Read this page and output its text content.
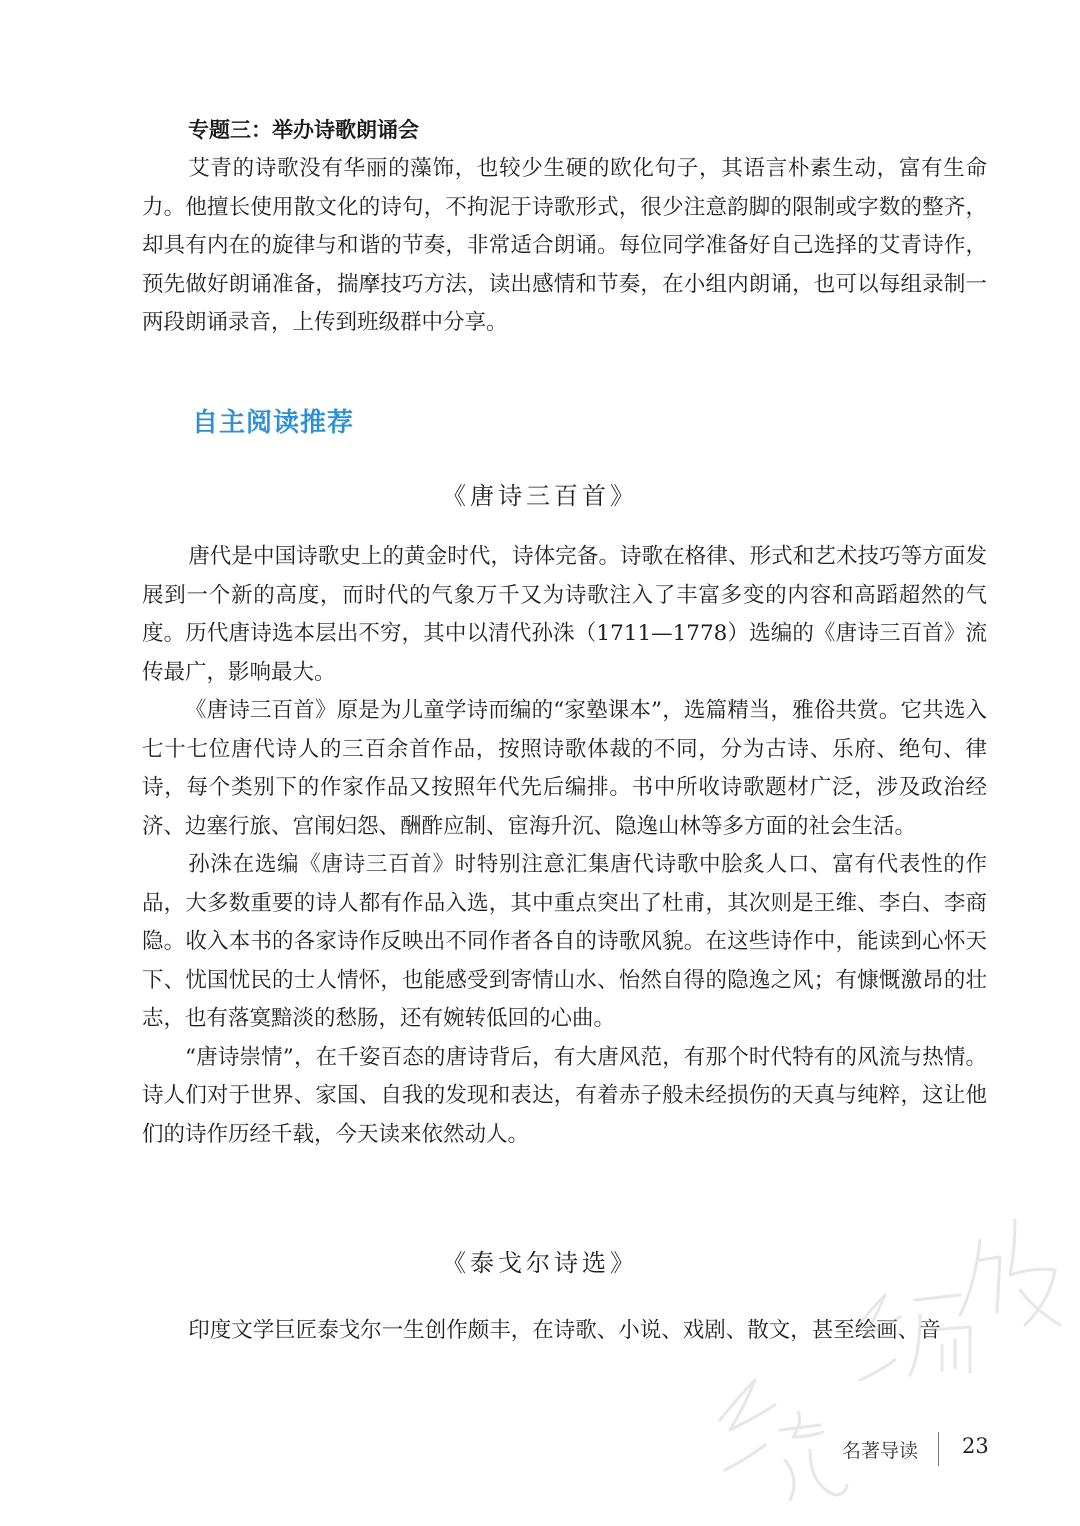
专题三：举办诗歌朗诵会

艾青的诗歌没有华丽的藻饰，也较少生硬的欧化句子，其语言朴素生动，富有生命力。他擅长使用散文化的诗句，不拘泥于诗歌形式，很少注意韵脚的限制或字数的整齐，却具有内在的旋律与和谐的节奏，非常适合朗诵。每位同学准备好自己选择的艾青诗作，预先做好朗诵准备，揣摩技巧方法，读出感情和节奏，在小组内朗诵，也可以每组录制一两段朗诵录音，上传到班级群中分享。

自主阅读推荐
《唐诗三百首》

唐代是中国诗歌史上的黄金时代，诗体完备。诗歌在格律、形式和艺术技巧等方面发展到一个新的高度，而时代的气象万千又为诗歌注入了丰富多变的内容和高蹈超然的气度。历代唐诗选本层出不穷，其中以清代孙洙（1711—1778）选编的《唐诗三百首》流传最广，影响最大。

《唐诗三百首》原是为儿童学诗而编的“家塾课本”，选篇精当，雅俗共赏。它共选入七十七位唐代诗人的三百余首作品，按照诗歌体裁的不同，分为古诗、乐府、绝句、律诗，每个类别下的作家作品又按照年代先后编排。书中所收诗歌题材广泛，涉及政治经济、边塞行旅、宫闱妇怨、酬酢应制、宦海升沉、隐逸山林等多方面的社会生活。

孙洙在选编《唐诗三百首》时特别注意汇集唐代诗歌中脍炙人口、富有代表性的作品，大多数重要的诗人都有作品入选，其中重点突出了杜甫，其次则是王维、李白、李商隐。收入本书的各家诗作反映出不同作者各自的诗歌风貌。在这些诗作中，能读到心怀天下、忧国忧民的士人情怀，也能感受到寄情山水、怡然自得的隐逸之风；有慷慨激昂的壮志，也有落寞黯淡的愁肠，还有婉转低回的心曲。

“唐诗崇情”，在千姿百态的唐诗背后，有大唐风范，有那个时代特有的风流与热情。诗人们对于世界、家国、自我的发现和表达，有着赤子般未经损伤的天真与纯粹，这让他们的诗作历经千载，今天读来依然动人。

《泰戈尔诗选》

印度文学巨匠泰戈尔一生创作颇丰，在诗歌、小说、戏剧、散文，甚至绘画、音

名著导读 23
